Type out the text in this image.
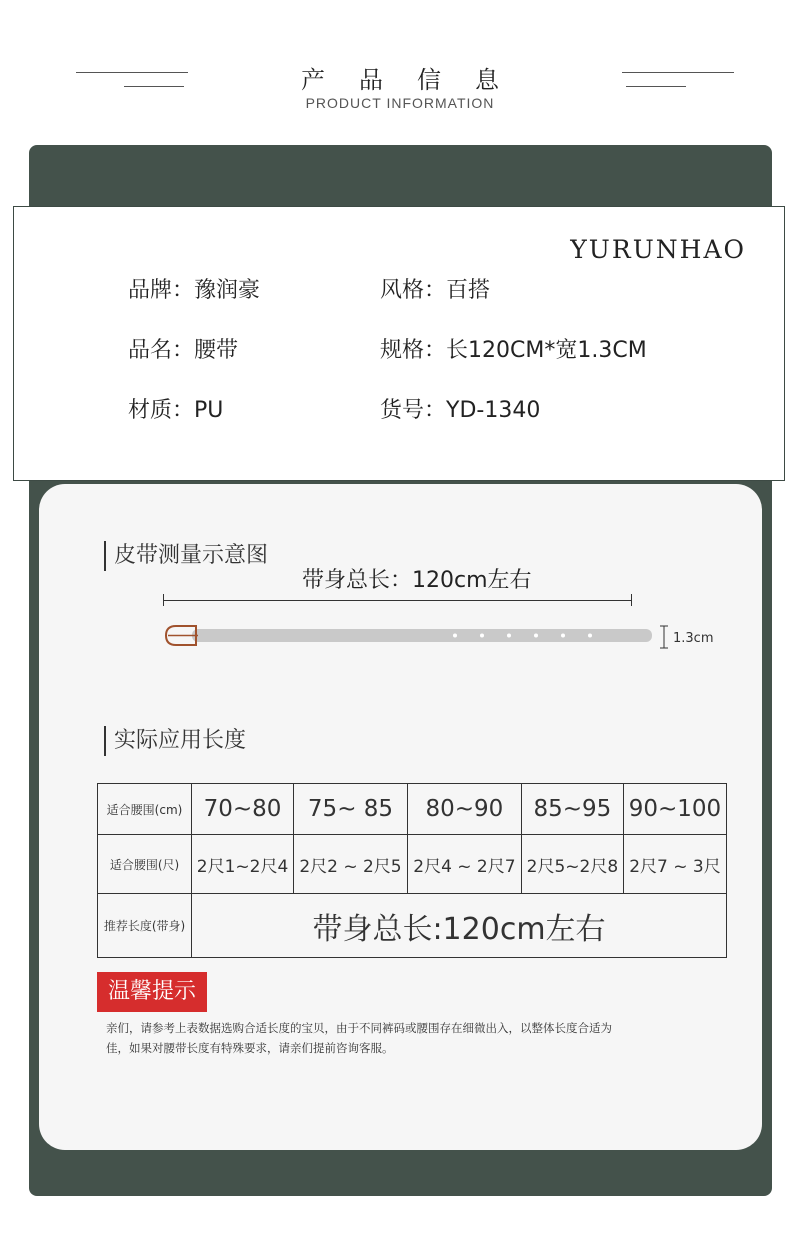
产品信息
PRODUCT INFORMATION
YURUNHAO
品牌：豫润豪	风格：百搭
品名：腰带	规格：长120CM*宽1.3CM
材质：PU	货号：YD-1340
皮带测量示意图
带身总长：120cm左右
1.3cm
实际应用长度
适合腰围(cm)	70~80	75~ 85	80~90	85~95	90~100
适合腰围(尺)	2尺1~2尺4	2尺2 ~ 2尺5	2尺4 ~ 2尺7	2尺5~2尺8	2尺7 ~ 3尺
推荐长度(带身)	带身总长:120cm左右				
温馨提示
亲们，请参考上表数据选购合适长度的宝贝，由于不同裤码或腰围存在细微出入，以整体长度合适为
佳，如果对腰带长度有特殊要求，请亲们提前咨询客服。
